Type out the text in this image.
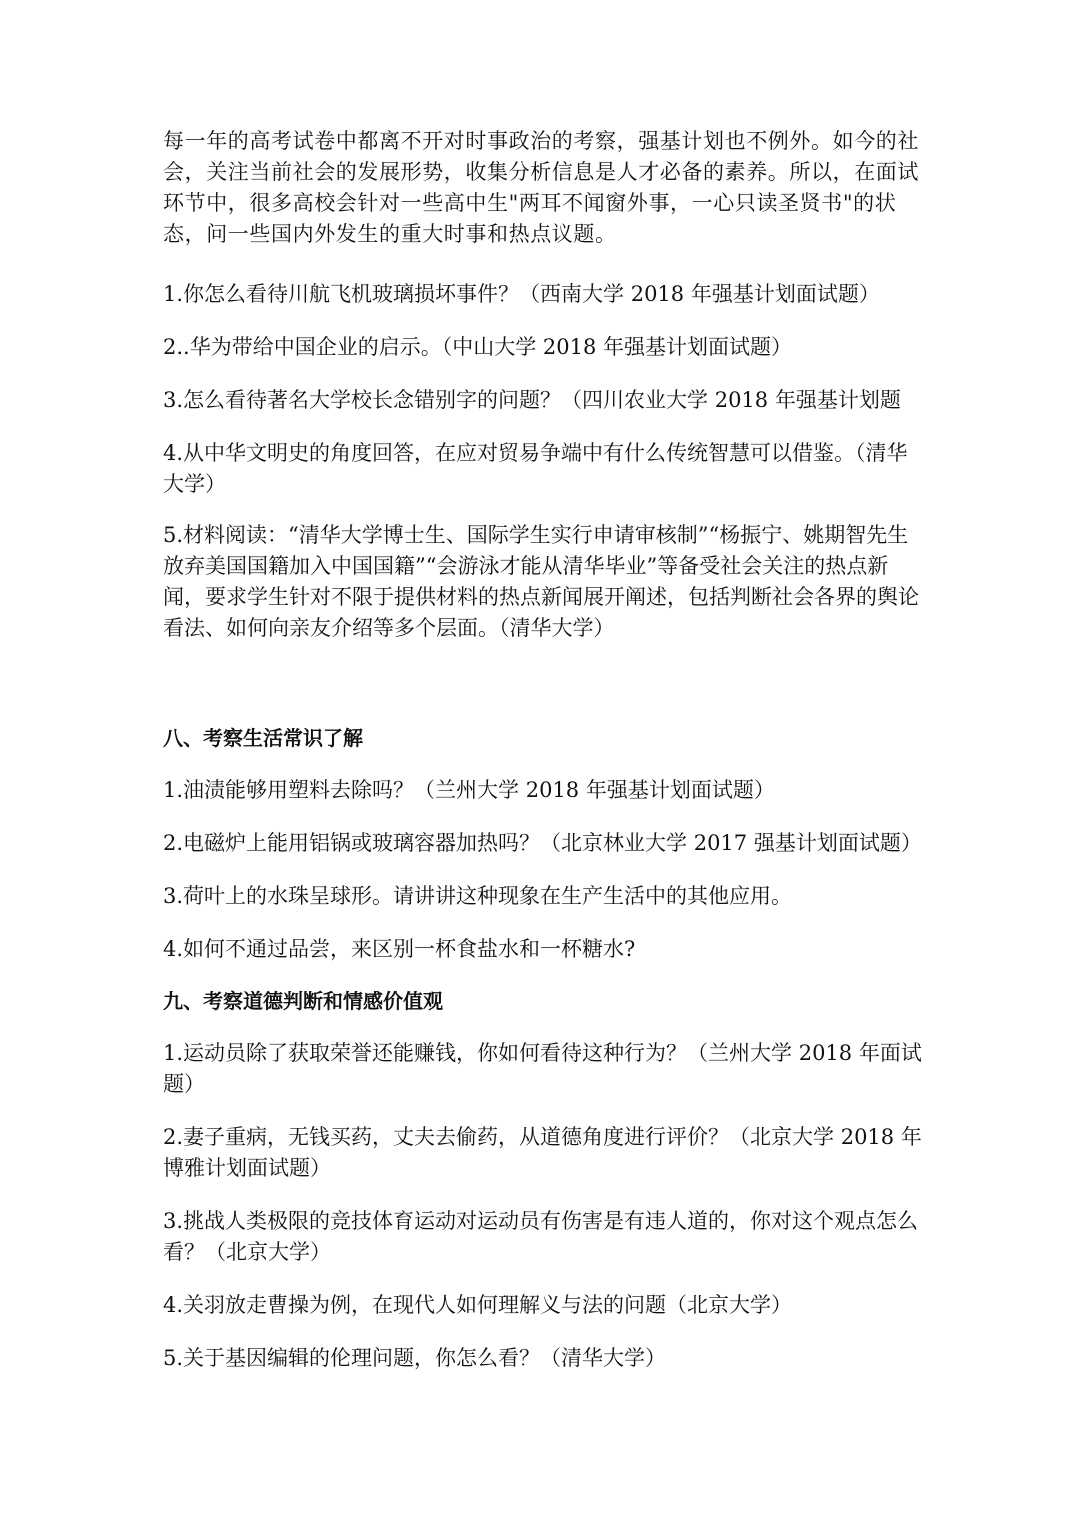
每一年的高考试卷中都离不开对时事政治的考察，强基计划也不例外。如今的社会，关注当前社会的发展形势，收集分析信息是人才必备的素养。所以，在面试环节中，很多高校会针对一些高中生"两耳不闻窗外事，一心只读圣贤书"的状态，问一些国内外发生的重大时事和热点议题。

1.你怎么看待川航飞机玻璃损坏事件？（西南大学 2018 年强基计划面试题）

2..华为带给中国企业的启示。（中山大学 2018 年强基计划面试题）

3.怎么看待著名大学校长念错别字的问题？（四川农业大学 2018 年强基计划题

4.从中华文明史的角度回答，在应对贸易争端中有什么传统智慧可以借鉴。（清华大学）

5.材料阅读：“清华大学博士生、国际学生实行申请审核制”“杨振宁、姚期智先生放弃美国国籍加入中国国籍”“会游泳才能从清华毕业”等备受社会关注的热点新闻，要求学生针对不限于提供材料的热点新闻展开阐述，包括判断社会各界的舆论看法、如何向亲友介绍等多个层面。（清华大学）

八、考察生活常识了解

1.油渍能够用塑料去除吗？（兰州大学 2018 年强基计划面试题）

2.电磁炉上能用铝锅或玻璃容器加热吗？（北京林业大学 2017 强基计划面试题）

3.荷叶上的水珠呈球形。请讲讲这种现象在生产生活中的其他应用。

4.如何不通过品尝，来区别一杯食盐水和一杯糖水?

九、考察道德判断和情感价值观

1.运动员除了获取荣誉还能赚钱，你如何看待这种行为？（兰州大学 2018 年面试题）

2.妻子重病，无钱买药，丈夫去偷药，从道德角度进行评价？（北京大学 2018 年博雅计划面试题）

3.挑战人类极限的竞技体育运动对运动员有伤害是有违人道的，你对这个观点怎么看？（北京大学）

4.关羽放走曹操为例，在现代人如何理解义与法的问题（北京大学）

5.关于基因编辑的伦理问题，你怎么看？（清华大学）
